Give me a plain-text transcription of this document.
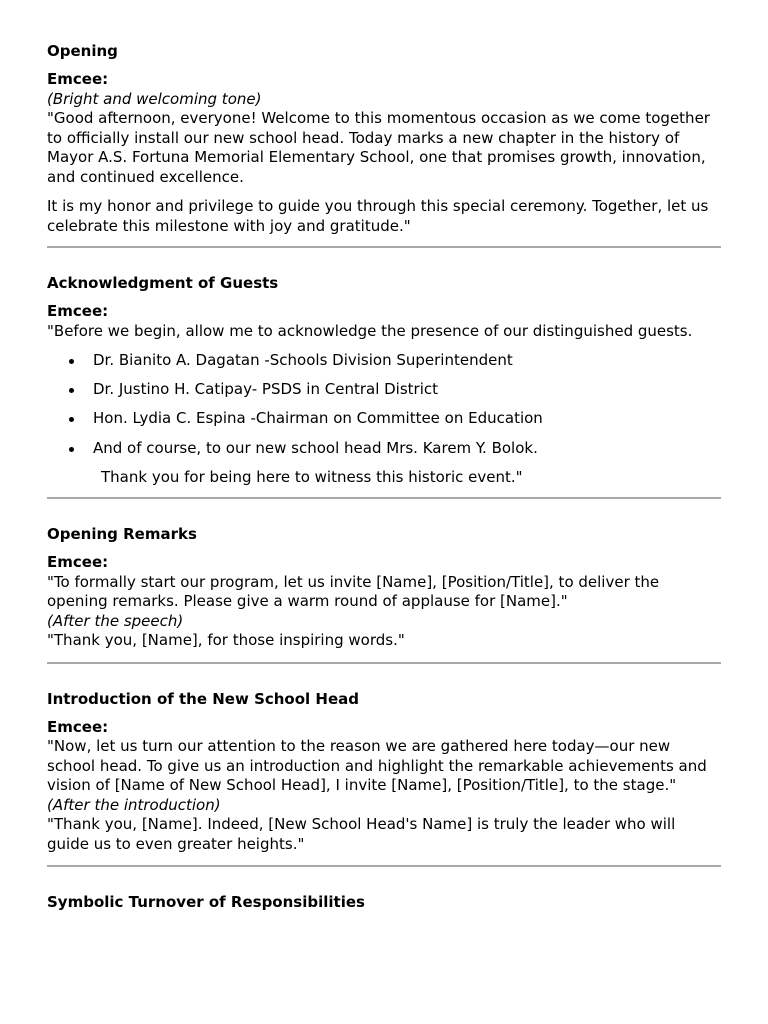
Opening
Emcee:
(Bright and welcoming tone)

"Good afternoon, everyone! Welcome to this momentous occasion as we come together to officially install our new school head. Today marks a new chapter in the history of Mayor A.S. Fortuna Memorial Elementary School, one that promises growth, innovation, and continued excellence.

It is my honor and privilege to guide you through this special ceremony. Together, let us celebrate this milestone with joy and gratitude."

Acknowledgment of Guests
Emcee:

"Before we begin, allow me to acknowledge the presence of our distinguished guests.

Dr. Bianito A. Dagatan -Schools Division Superintendent
Dr. Justino H. Catipay- PSDS in Central District
Hon. Lydia C. Espina -Chairman on Committee on Education
And of course, to our new school head Mrs. Karem Y. Bolok.
Thank you for being here to witness this historic event."
Opening Remarks
Emcee:
"To formally start our program, let us invite [Name], [Position/Title], to deliver the opening remarks. Please give a warm round of applause for [Name]."
(After the speech)
"Thank you, [Name], for those inspiring words."
Introduction of the New School Head
Emcee:
"Now, let us turn our attention to the reason we are gathered here today—our new school head. To give us an introduction and highlight the remarkable achievements and vision of [Name of New School Head], I invite [Name], [Position/Title], to the stage."
(After the introduction)
"Thank you, [Name]. Indeed, [New School Head's Name] is truly the leader who will guide us to even greater heights."
Symbolic Turnover of Responsibilities
